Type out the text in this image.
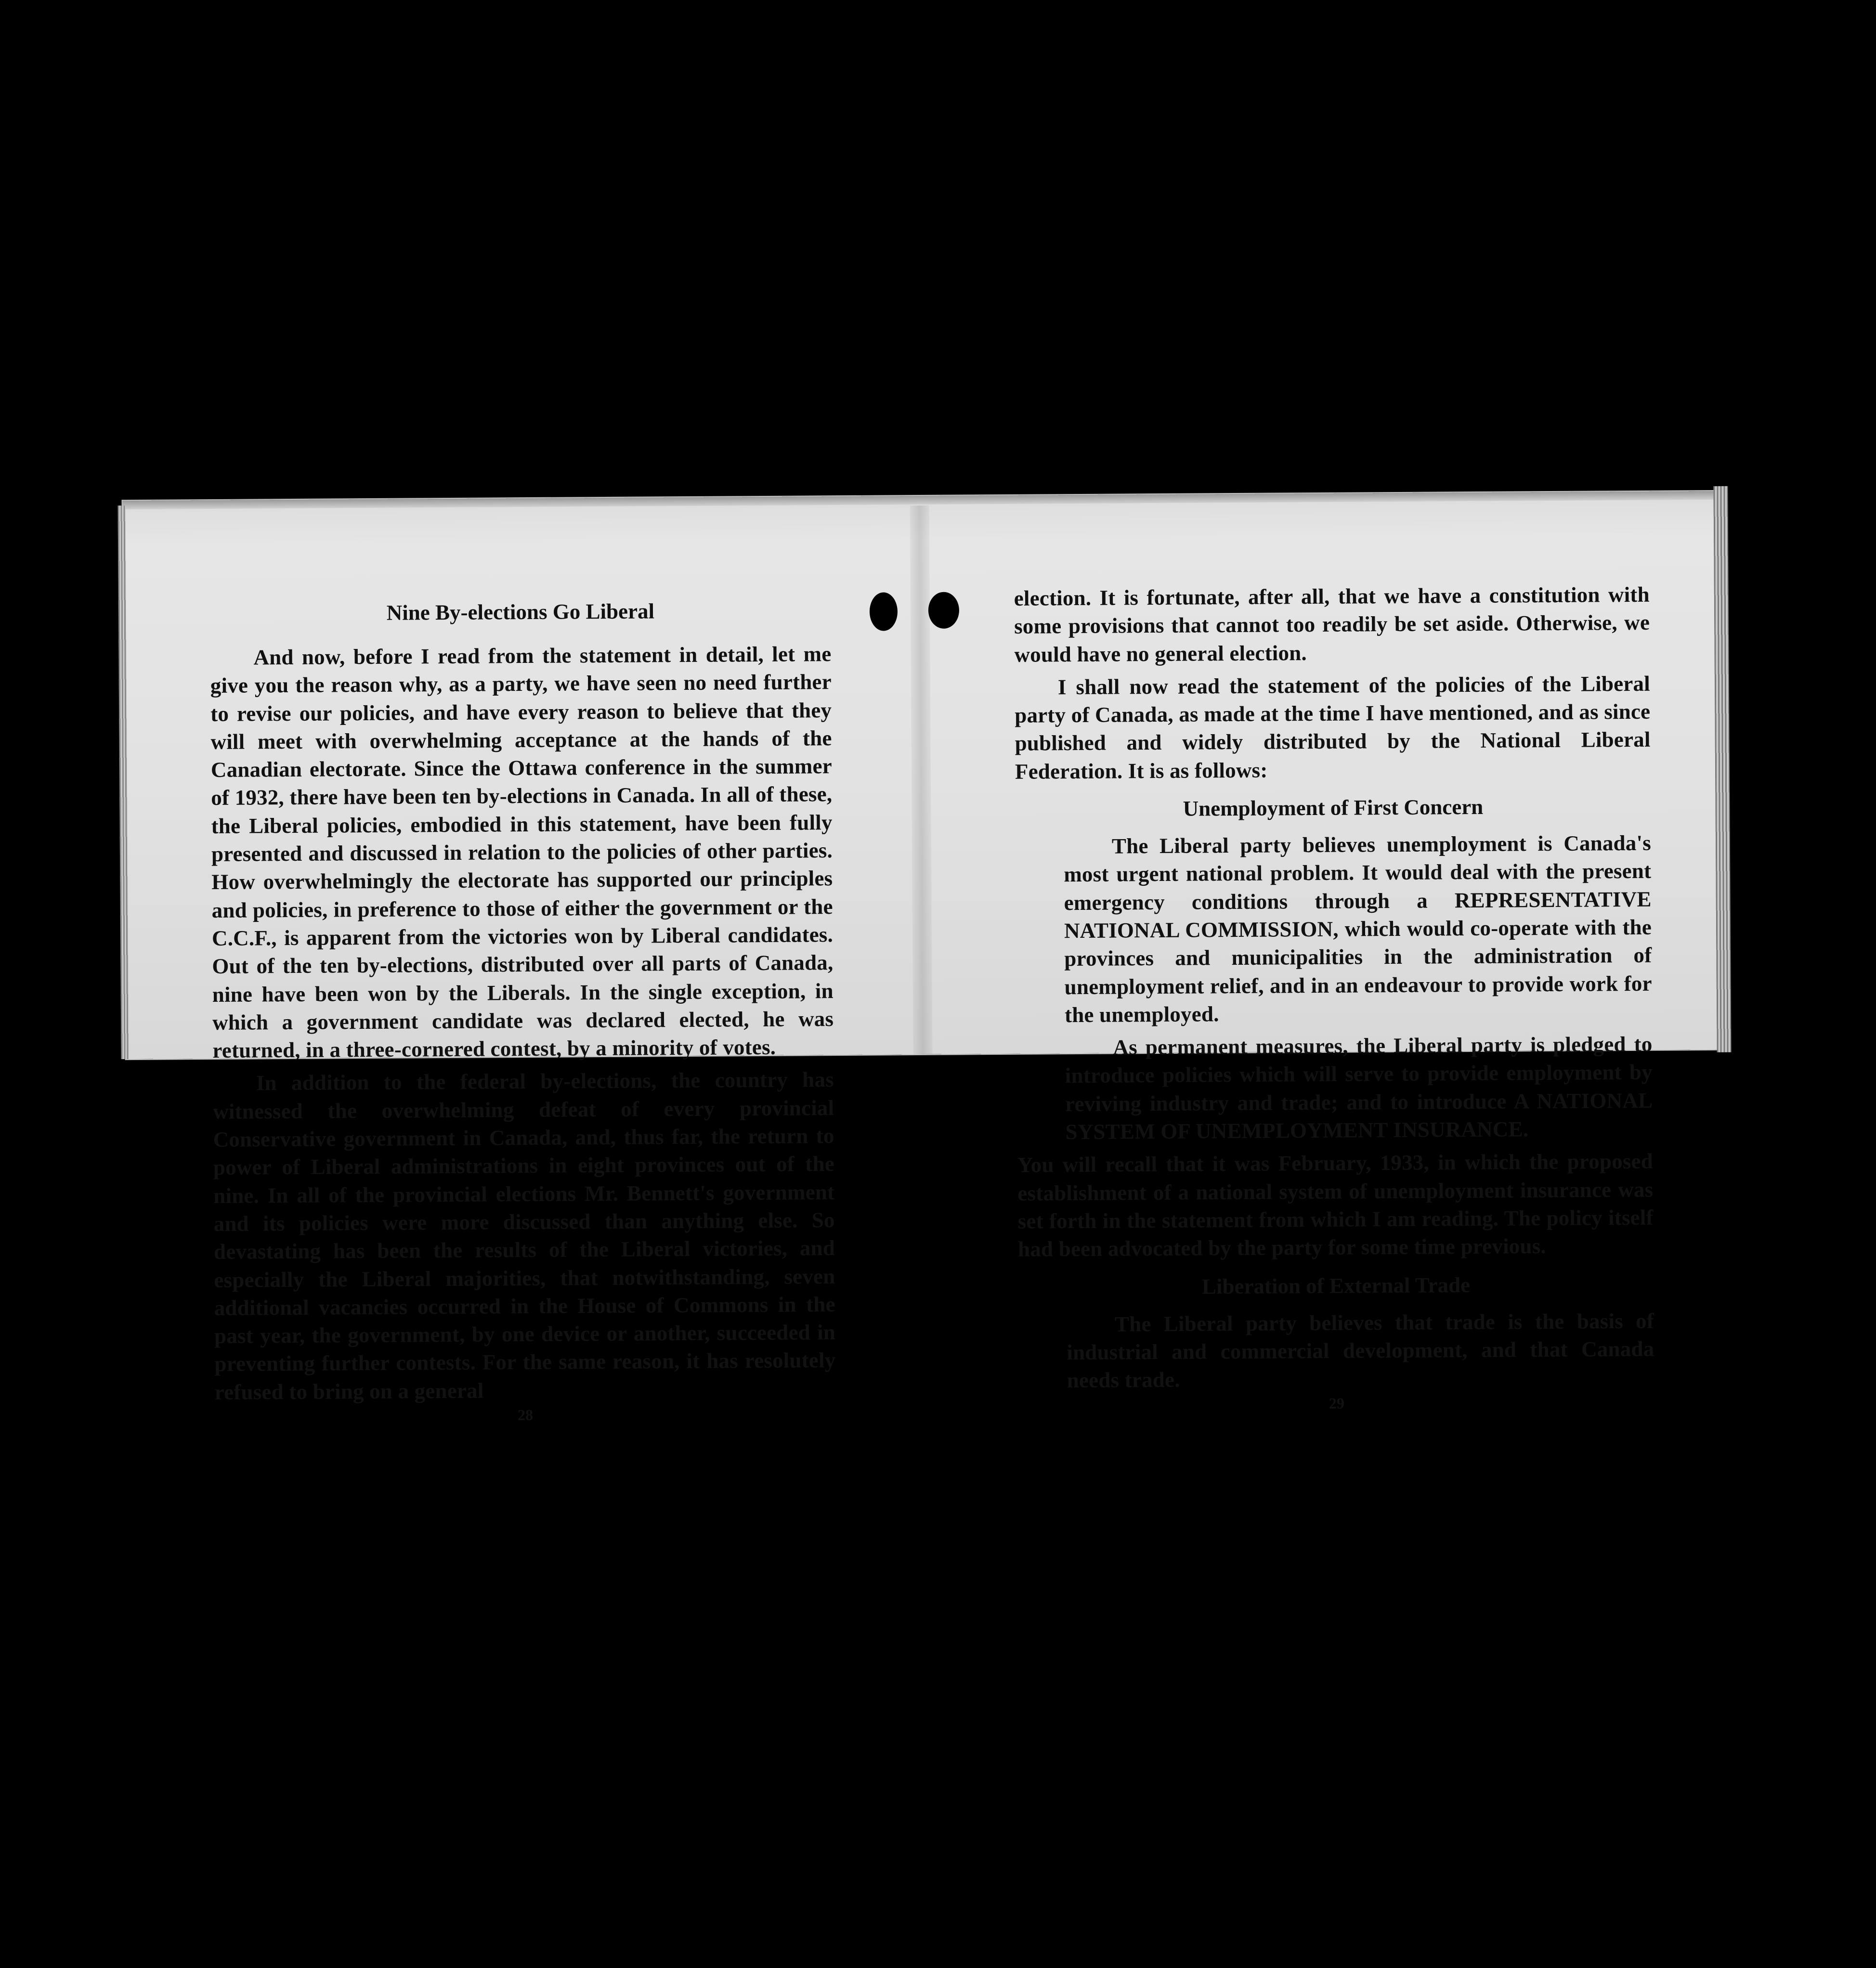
Nine By-elections Go Liberal

And now, before I read from the statement in detail, let me give you the reason why, as a party, we have seen no need further to revise our policies, and have every reason to believe that they will meet with overwhelming acceptance at the hands of the Canadian electorate. Since the Ottawa conference in the summer of 1932, there have been ten by-elections in Canada. In all of these, the Liberal policies, embodied in this statement, have been fully presented and discussed in relation to the policies of other parties. How overwhelmingly the electorate has supported our principles and policies, in preference to those of either the government or the C.C.F., is apparent from the victories won by Liberal candidates. Out of the ten by-elections, distributed over all parts of Canada, nine have been won by the Liberals. In the single exception, in which a government candidate was declared elected, he was returned, in a three-cornered contest, by a minority of votes.

In addition to the federal by-elections, the country has witnessed the overwhelming defeat of every provincial Conservative government in Canada, and, thus far, the return to power of Liberal administrations in eight provinces out of the nine. In all of the provincial elections Mr. Bennett's government and its policies were more discussed than anything else. So devastating has been the results of the Liberal victories, and especially the Liberal majorities, that notwithstanding, seven additional vacancies occurred in the House of Commons in the past year, the government, by one device or another, succeeded in preventing further contests. For the same reason, it has resolutely refused to bring on a general

28

election. It is fortunate, after all, that we have a constitution with some provisions that cannot too readily be set aside. Otherwise, we would have no general election.

I shall now read the statement of the policies of the Liberal party of Canada, as made at the time I have mentioned, and as since published and widely distributed by the National Liberal Federation. It is as follows:

Unemployment of First Concern

The Liberal party believes unemployment is Canada's most urgent national problem. It would deal with the present emergency conditions through a REPRESENTATIVE NATIONAL COMMISSION, which would co-operate with the provinces and municipalities in the administration of unemployment relief, and in an endeavour to provide work for the unemployed.

As permanent measures, the Liberal party is pledged to introduce policies which will serve to provide employment by reviving industry and trade; and to introduce A NATIONAL SYSTEM OF UNEMPLOYMENT INSURANCE.

You will recall that it was February, 1933, in which the proposed establishment of a national system of unemployment insurance was set forth in the statement from which I am reading. The policy itself had been advocated by the party for some time previous.

Liberation of External Trade

The Liberal party believes that trade is the basis of industrial and commercial development, and that Canada needs trade.

29
